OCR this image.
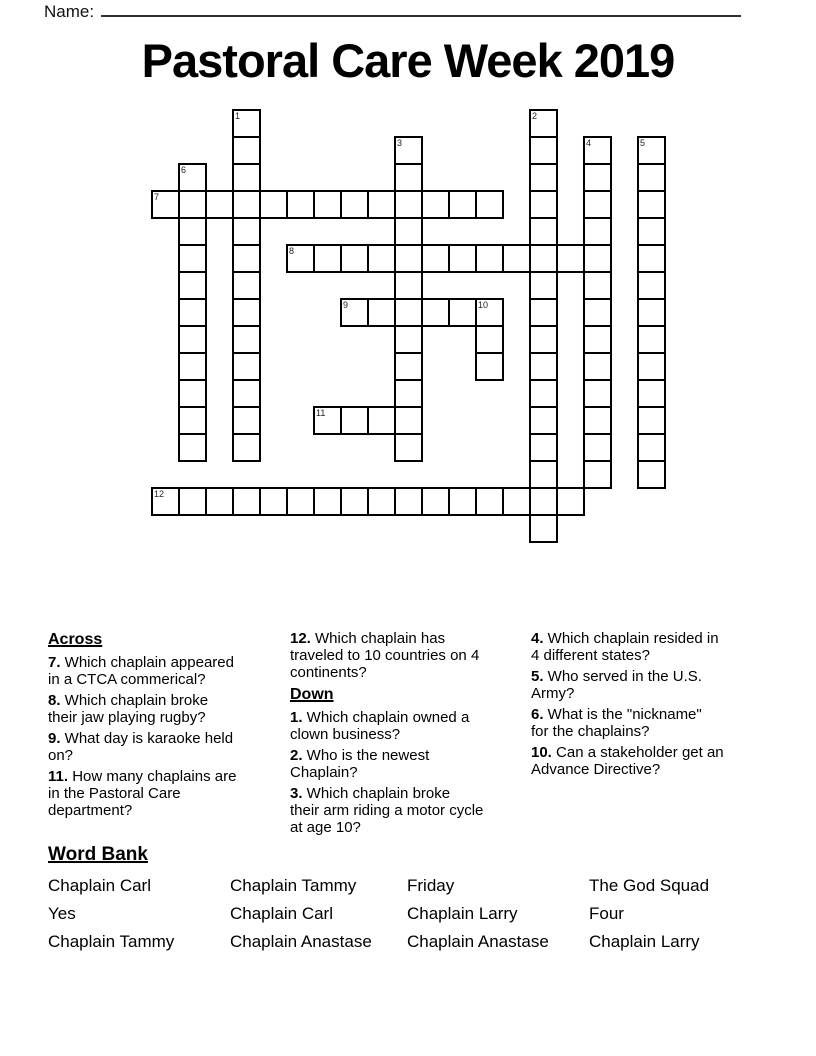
Name:
Pastoral Care Week 2019
1	2
3	4	5
6
7
8
9	10
11
12
Across
7. Which chaplain appeared
in a CTCA commerical?
8. Which chaplain broke
their jaw playing rugby?
9. What day is karaoke held
on?
11. How many chaplains are
in the Pastoral Care
department?
12. Which chaplain has
traveled to 10 countries on 4
continents?
Down
1. Which chaplain owned a
clown business?
2. Who is the newest
Chaplain?
3. Which chaplain broke
their arm riding a motor cycle
at age 10?
4. Which chaplain resided in
4 different states?
5. Who served in the U.S.
Army?
6. What is the "nickname"
for the chaplains?
10. Can a stakeholder get an
Advance Directive?
Word Bank
Chaplain Carl	Chaplain Tammy	Friday	The God Squad
Yes	Chaplain Carl	Chaplain Larry	Four
Chaplain Tammy	Chaplain Anastase	Chaplain Anastase	Chaplain Larry
